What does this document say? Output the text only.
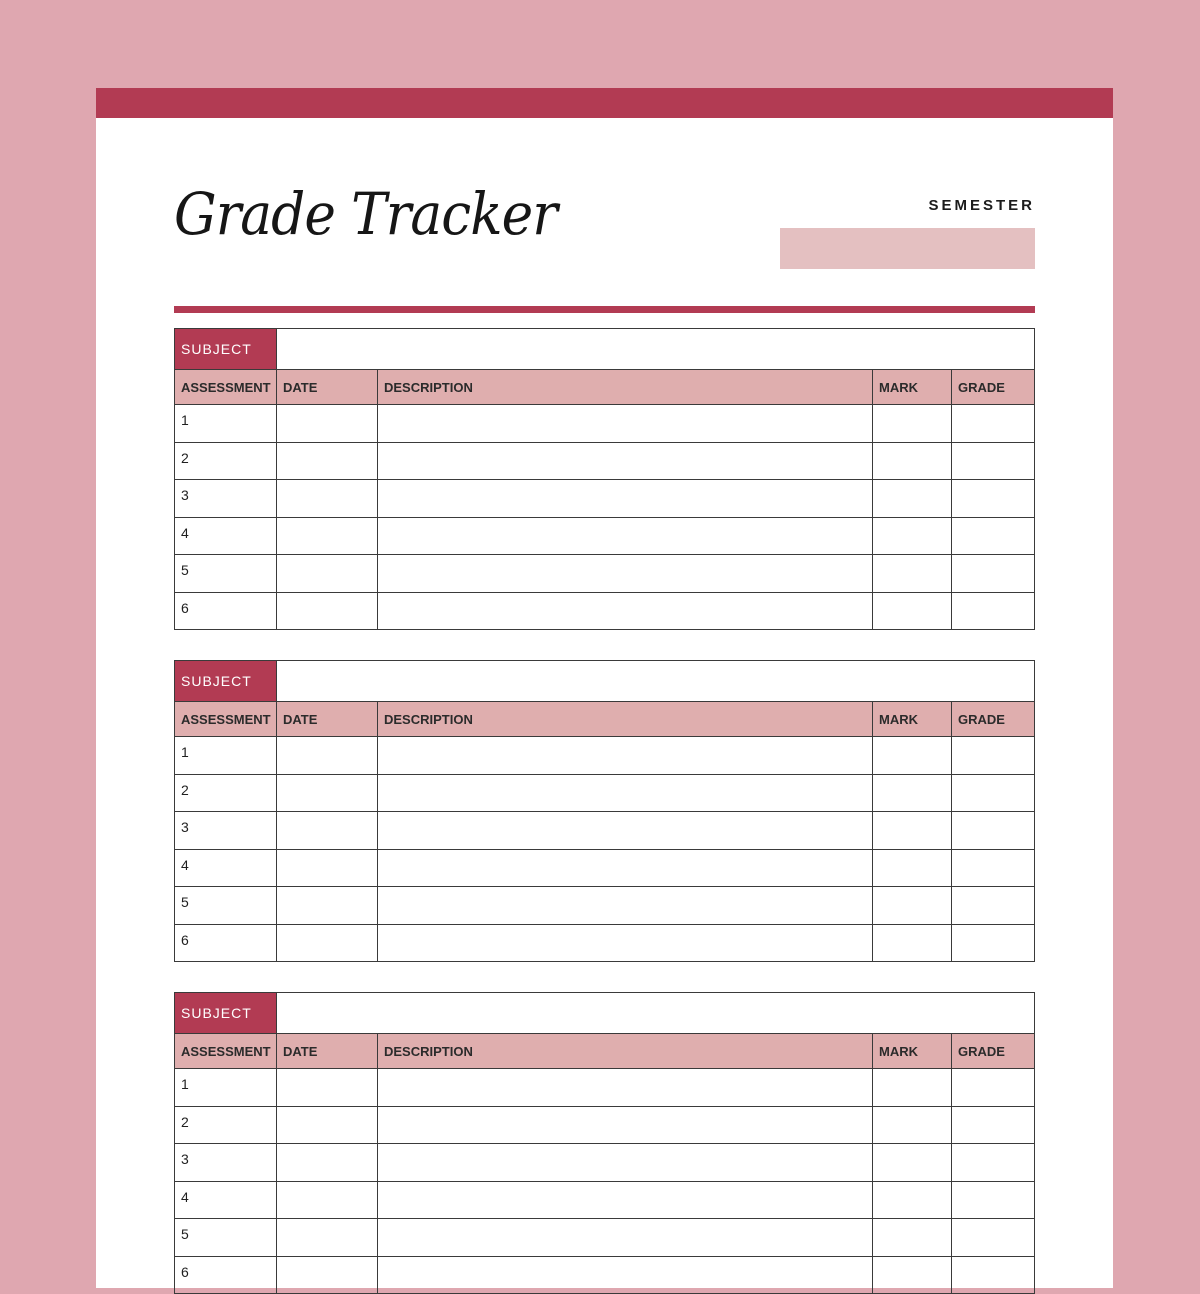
Grade Tracker	SEMESTER
SUBJECT				
ASSESSMENT	DATE	DESCRIPTION	MARK	GRADE
1				
2				
3				
4				
5				
6				
SUBJECT				
ASSESSMENT	DATE	DESCRIPTION	MARK	GRADE
1				
2				
3				
4				
5				
6				
SUBJECT				
ASSESSMENT	DATE	DESCRIPTION	MARK	GRADE
1				
2				
3				
4				
5				
6				
